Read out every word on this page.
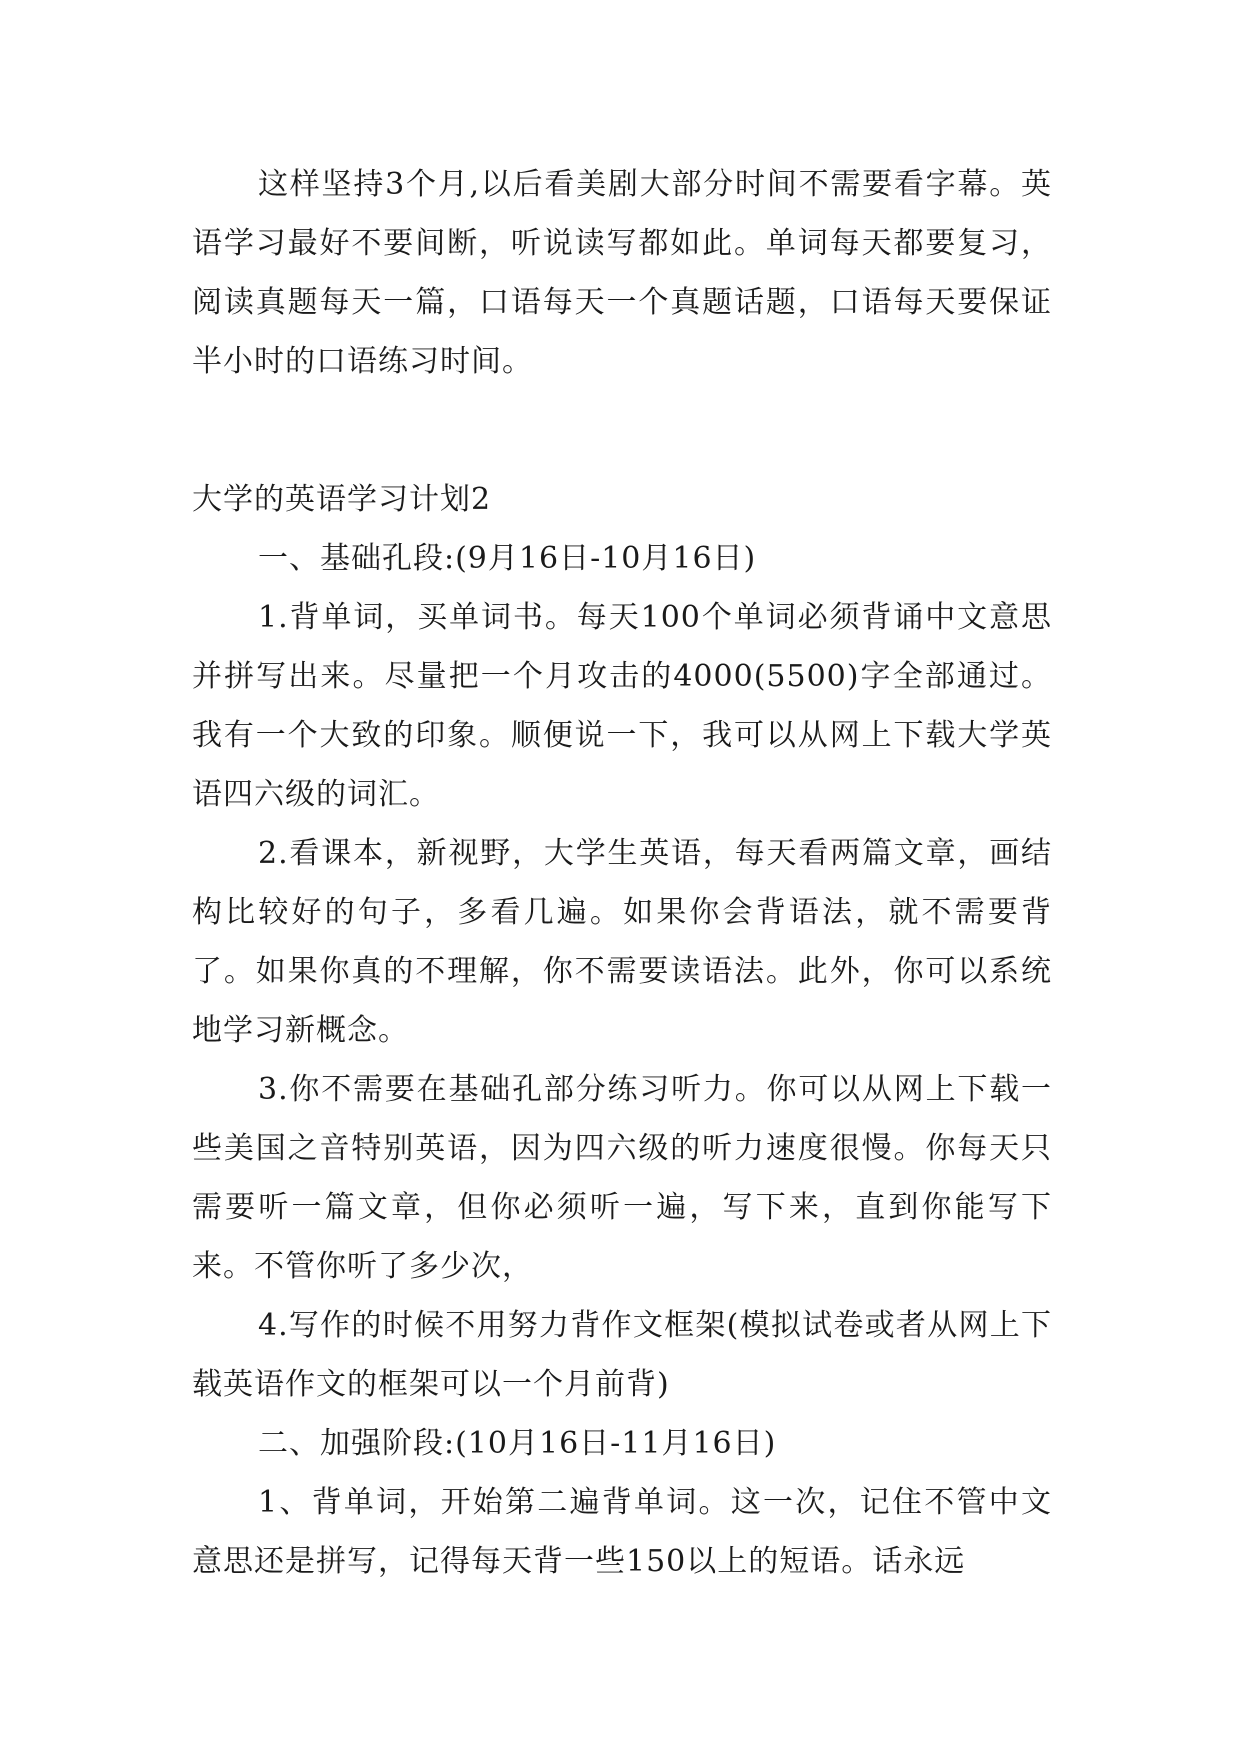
这样坚持3个月,以后看美剧大部分时间不需要看字幕。英语学习最好不要间断，听说读写都如此。单词每天都要复习，阅读真题每天一篇，口语每天一个真题话题，口语每天要保证半小时的口语练习时间。

大学的英语学习计划2

一、基础孔段:(9月16日-10月16日)

1.背单词，买单词书。每天100个单词必须背诵中文意思并拼写出来。尽量把一个月攻击的4000(5500)字全部通过。我有一个大致的印象。顺便说一下，我可以从网上下载大学英语四六级的词汇。

2.看课本，新视野，大学生英语，每天看两篇文章，画结构比较好的句子，多看几遍。如果你会背语法，就不需要背了。如果你真的不理解，你不需要读语法。此外，你可以系统地学习新概念。

3.你不需要在基础孔部分练习听力。你可以从网上下载一些美国之音特别英语，因为四六级的听力速度很慢。你每天只需要听一篇文章，但你必须听一遍，写下来，直到你能写下来。不管你听了多少次，

4.写作的时候不用努力背作文框架(模拟试卷或者从网上下载英语作文的框架可以一个月前背)

二、加强阶段:(10月16日-11月16日)

1、背单词，开始第二遍背单词。这一次，记住不管中文意思还是拼写，记得每天背一些150以上的短语。话永远
